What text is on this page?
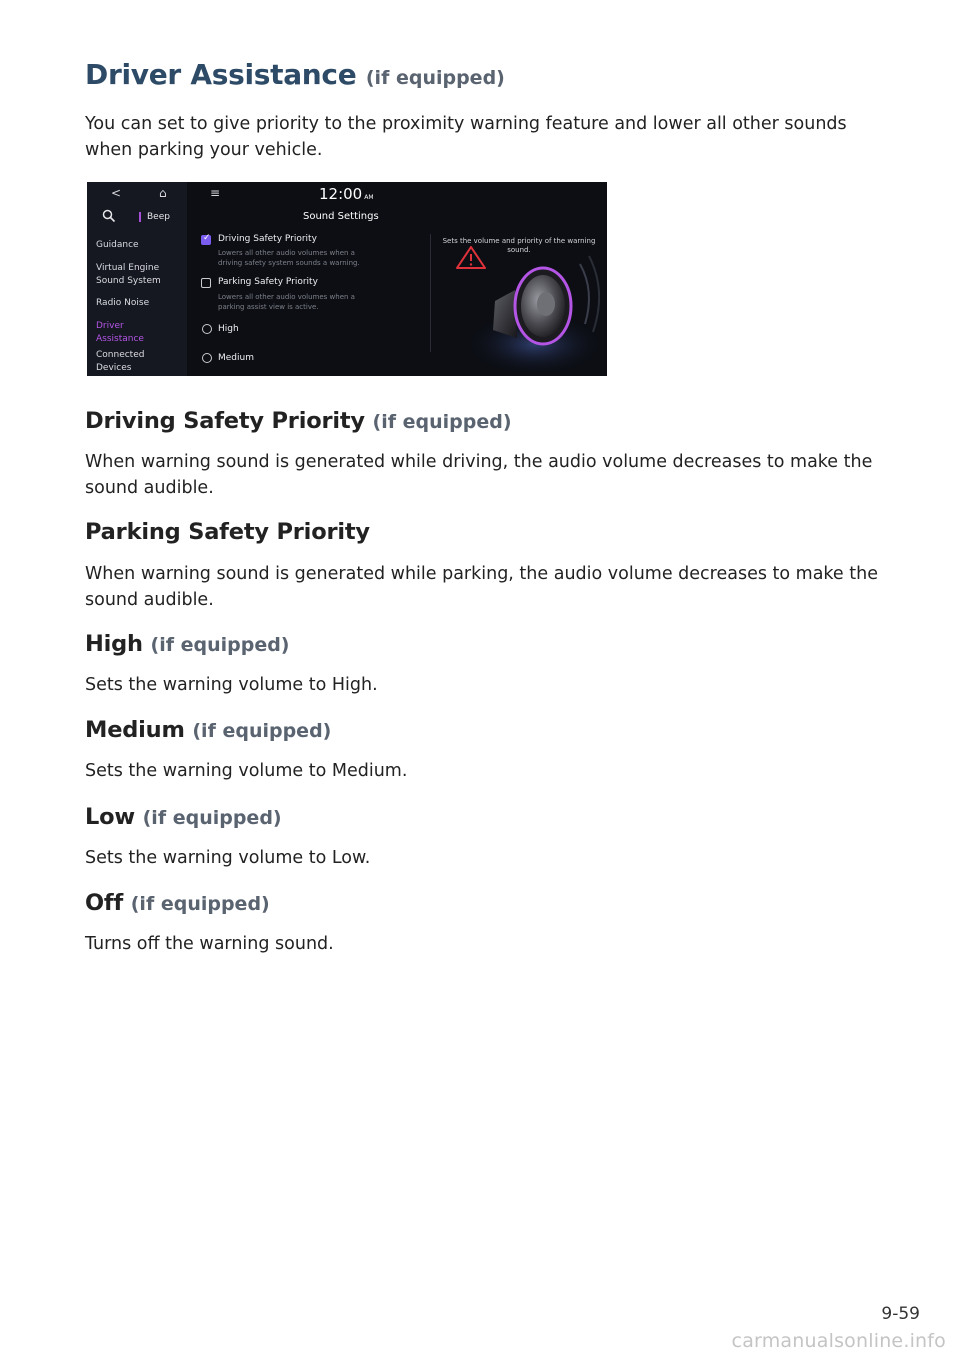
Driver Assistance (if equipped)

You can set to give priority to the proximity warning feature and lower all other sounds when parking your vehicle.

<	⌂	≡	12:00 AM
Beep	Sound Settings
Guidance
Virtual Engine
Sound System
Radio Noise
Driver
Assistance
Connected
Devices
✓
Driving Safety Priority
Lowers all other audio volumes when a
driving safety system sounds a warning.
Parking Safety Priority
Lowers all other audio volumes when a
parking assist view is active.
High
Medium
Sets the volume and priority of the warning sound.
Driving Safety Priority (if equipped)

When warning sound is generated while driving, the audio volume decreases to make the sound audible.

Parking Safety Priority

When warning sound is generated while parking, the audio volume decreases to make the sound audible.

High (if equipped)

Sets the warning volume to High.

Medium (if equipped)

Sets the warning volume to Medium.

Low (if equipped)

Sets the warning volume to Low.

Off (if equipped)

Turns off the warning sound.

9-59
carmanualsonline.info
